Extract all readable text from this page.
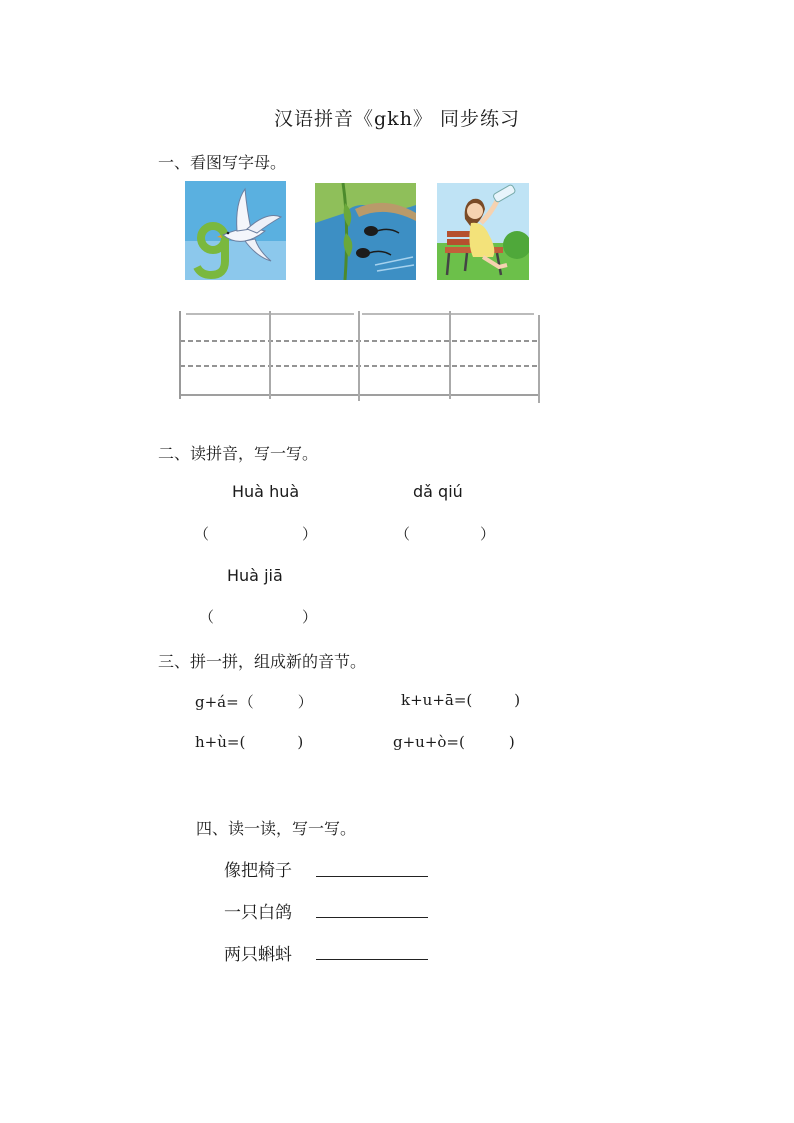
汉语拼音《gkh》 同步练习
一、看图写字母。
二、读拼音，写一写。
Huà huà	dǎ qiú
（	）	（	）
Huà jiā
（	）
三、拼一拼，组成新的音节。
g+á=（	）	k+u+ā=(	)
h+ù=(	)	g+u+ò=(	)
四、读一读，写一写。
像把椅子
一只白鸽
两只蝌蚪
